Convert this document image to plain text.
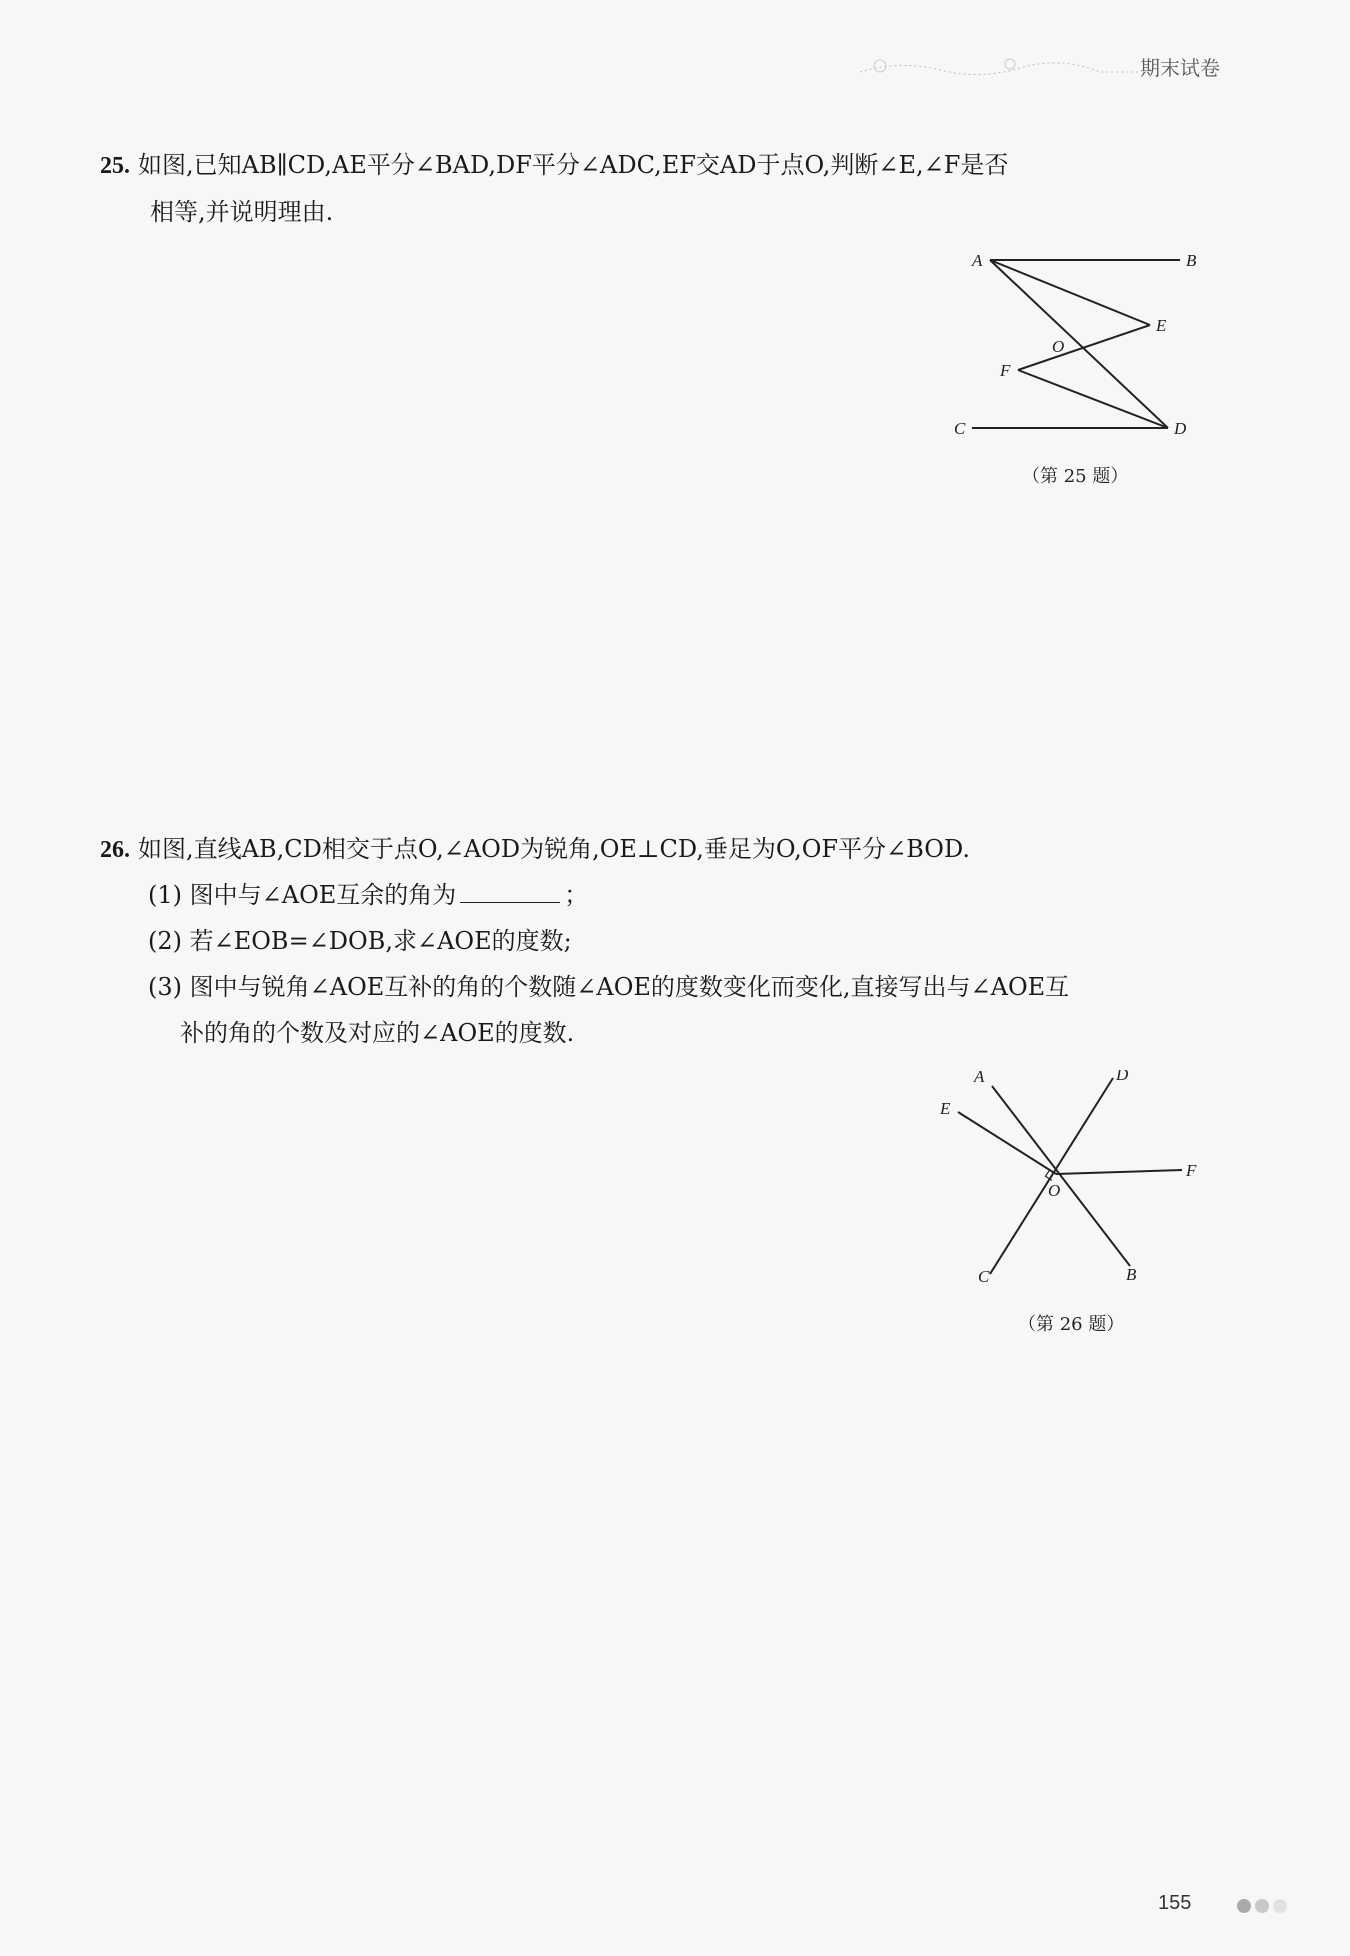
期末试卷
25. 如图,已知AB∥CD,AE平分∠BAD,DF平分∠ADC,EF交AD于点O,判断∠E,∠F是否
相等,并说明理由.
A	B
E
O
F
C	D
（第 25 题）
26. 如图,直线AB,CD相交于点O,∠AOD为锐角,OE⊥CD,垂足为O,OF平分∠BOD.
(1) 图中与∠AOE互余的角为	；
(2) 若∠EOB=∠DOB,求∠AOE的度数;
(3) 图中与锐角∠AOE互补的角的个数随∠AOE的度数变化而变化,直接写出与∠AOE互
补的角的个数及对应的∠AOE的度数.
A	D
E
F
O
C	B
（第 26 题）
155
